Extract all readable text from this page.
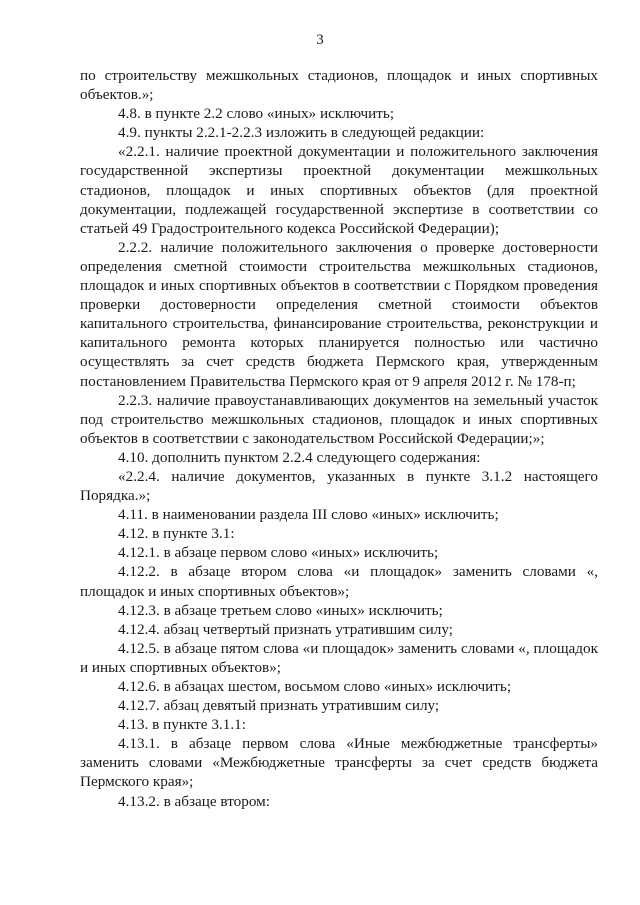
3

по строительству межшкольных стадионов, площадок и иных спортивных объектов.»;

4.8. в пункте 2.2 слово «иных» исключить;

4.9. пункты 2.2.1-2.2.3 изложить в следующей редакции:

«2.2.1. наличие проектной документации и положительного заключения государственной экспертизы проектной документации межшкольных стадионов, площадок и иных спортивных объектов (для проектной документации, подлежащей государственной экспертизе в соответствии со статьей 49 Градостроительного кодекса Российской Федерации);

2.2.2. наличие положительного заключения о проверке достоверности определения сметной стоимости строительства межшкольных стадионов, площадок и иных спортивных объектов в соответствии с Порядком проведения проверки достоверности определения сметной стоимости объектов капитального строительства, финансирование строительства, реконструкции и капитального ремонта которых планируется полностью или частично осуществлять за счет средств бюджета Пермского края, утвержденным постановлением Правительства Пермского края от 9 апреля 2012 г. № 178-п;

2.2.3. наличие правоустанавливающих документов на земельный участок под строительство межшкольных стадионов, площадок и иных спортивных объектов в соответствии с законодательством Российской Федерации;»;

4.10. дополнить пунктом 2.2.4 следующего содержания:

«2.2.4. наличие документов, указанных в пункте 3.1.2 настоящего Порядка.»;

4.11. в наименовании раздела III слово «иных» исключить;

4.12. в пункте 3.1:

4.12.1. в абзаце первом слово «иных» исключить;

4.12.2. в абзаце втором слова «и площадок» заменить словами «, площадок и иных спортивных объектов»;

4.12.3. в абзаце третьем слово «иных» исключить;

4.12.4. абзац четвертый признать утратившим силу;

4.12.5. в абзаце пятом слова «и площадок» заменить словами «, площадок и иных спортивных объектов»;

4.12.6. в абзацах шестом, восьмом слово «иных» исключить;

4.12.7. абзац девятый признать утратившим силу;

4.13. в пункте 3.1.1:

4.13.1. в абзаце первом слова «Иные межбюджетные трансферты» заменить словами «Межбюджетные трансферты за счет средств бюджета Пермского края»;

4.13.2. в абзаце втором:
